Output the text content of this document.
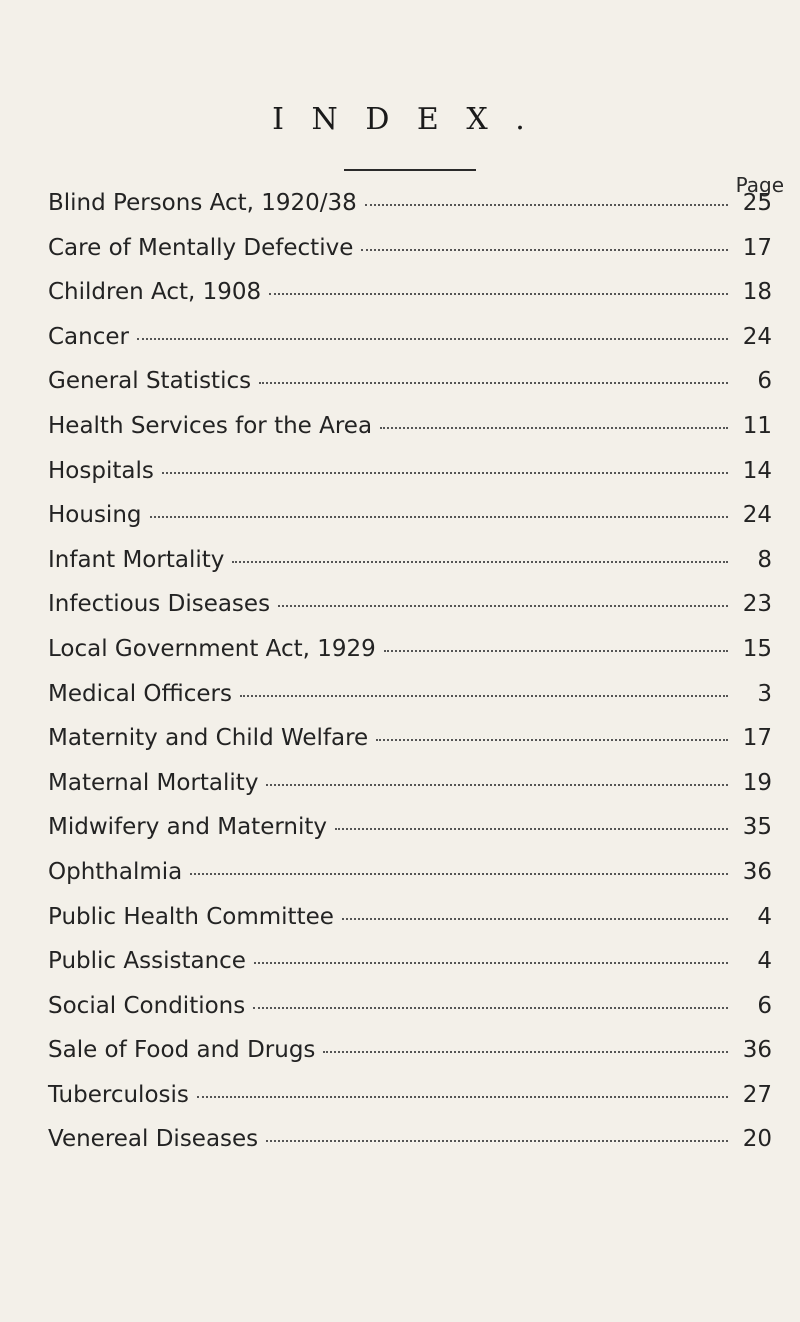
I N D E X .
Page
Blind Persons Act, 1920/38	25
Care of Mentally Defective	17
Children Act, 1908	18
Cancer	24
General Statistics	6
Health Services for the Area	11
Hospitals	14
Housing	24
Infant Mortality	8
Infectious Diseases	23
Local Government Act, 1929	15
Medical Officers	3
Maternity and Child Welfare	17
Maternal Mortality	19
Midwifery and Maternity	35
Ophthalmia	36
Public Health Committee	4
Public Assistance	4
Social Conditions	6
Sale of Food and Drugs	36
Tuberculosis	27
Venereal Diseases	20
